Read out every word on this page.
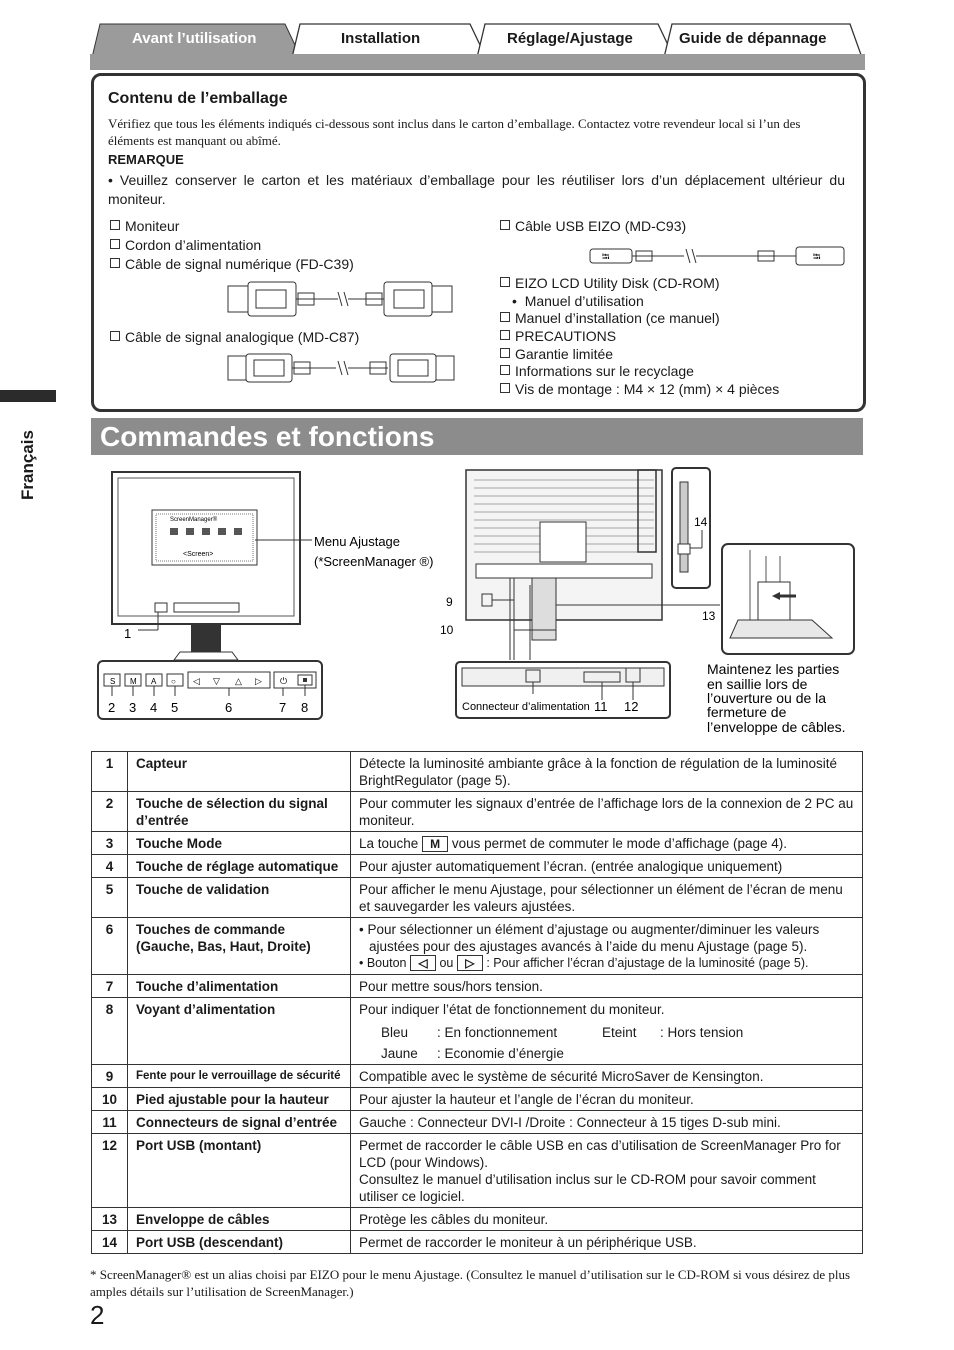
Avant l’utilisation	Installation	Réglage/Ajustage	Guide de dépannage
Français
Contenu de l’emballage
Vérifiez que tous les éléments indiqués ci-dessous sont inclus dans le carton d’emballage. Contactez votre revendeur local si l’un des éléments est manquant ou abîmé.
REMARQUE
• Veuillez conserver le carton et les matériaux d’emballage pour les réutiliser lors d’un déplacement ultérieur du moniteur.
Moniteur
Cordon d’alimentation
Câble de signal numérique (FD-C39)
Câble de signal analogique (MD-C87)
Câble USB EIZO (MD-C93)
EIZO LCD Utility Disk (CD-ROM)
•  Manuel d’utilisation
Manuel d’installation (ce manuel)
PRECAUTIONS
Garantie limitée
Informations sur le recyclage
Vis de montage : M4 × 12 (mm) × 4 pièces
⭾	⭾
Commandes et fonctions
ScreenManager®
<Screen>
Menu Ajustage
(*ScreenManager ®)
1
S M A ○ ◁ ▽ △ ▷ ⏻
2 3 4 5	6	7 8
9
10
Connecteur d’alimentation 11 12
14
13
Maintenez les parties
en saillie lors de
l’ouverture ou de la
fermeture de
l’enveloppe de câbles.
1	Capteur	Détecte la luminosité ambiante grâce à la fonction de régulation de la luminosité BrightRegulator (page 5).
2	Touche de sélection du signal d’entrée	Pour commuter les signaux d’entrée de l’affichage lors de la connexion de 2 PC au moniteur.
3	Touche Mode	La touche M vous permet de commuter le mode d’affichage (page 4).
4	Touche de réglage automatique	Pour ajuster automatiquement l’écran. (entrée analogique uniquement)
5	Touche de validation	Pour afficher le menu Ajustage, pour sélectionner un élément de l’écran de menu et sauvegarder les valeurs ajustées.
6	Touches de commande (Gauche, Bas, Haut, Droite)	• Pour sélectionner un élément d’ajustage ou augmenter/diminuer les valeurs ajustées pour des ajustages avancés à l’aide du menu Ajustage (page 5).
• Bouton ◁ ou ▷ : Pour afficher l’écran d’ajustage de la luminosité (page 5).

7	Touche d’alimentation	Pour mettre sous/hors tension.
8	Voyant d’alimentation	Pour indiquer l’état de fonctionnement du moniteur.
Bleu : En fonctionnement Eteint : Hors tension
Jaune : Economie d’énergie

9	Fente pour le verrouillage de sécurité	Compatible avec le système de sécurité MicroSaver de Kensington.
10	Pied ajustable pour la hauteur	Pour ajuster la hauteur et l’angle de l’écran du moniteur.
11	Connecteurs de signal d’entrée	Gauche : Connecteur DVI-I /Droite : Connecteur à 15 tiges D-sub mini.
12	Port USB (montant)	Permet de raccorder le câble USB en cas d’utilisation de ScreenManager Pro for LCD (pour Windows).
Consultez le manuel d’utilisation inclus sur le CD-ROM pour savoir comment utiliser ce logiciel.

13	Enveloppe de câbles	Protège les câbles du moniteur.
14	Port USB (descendant)	Permet de raccorder le moniteur à un périphérique USB.
* ScreenManager® est un alias choisi par EIZO pour le menu Ajustage. (Consultez le manuel d’utilisation sur le CD-ROM si vous désirez de plus amples détails sur l’utilisation de ScreenManager.)
2
